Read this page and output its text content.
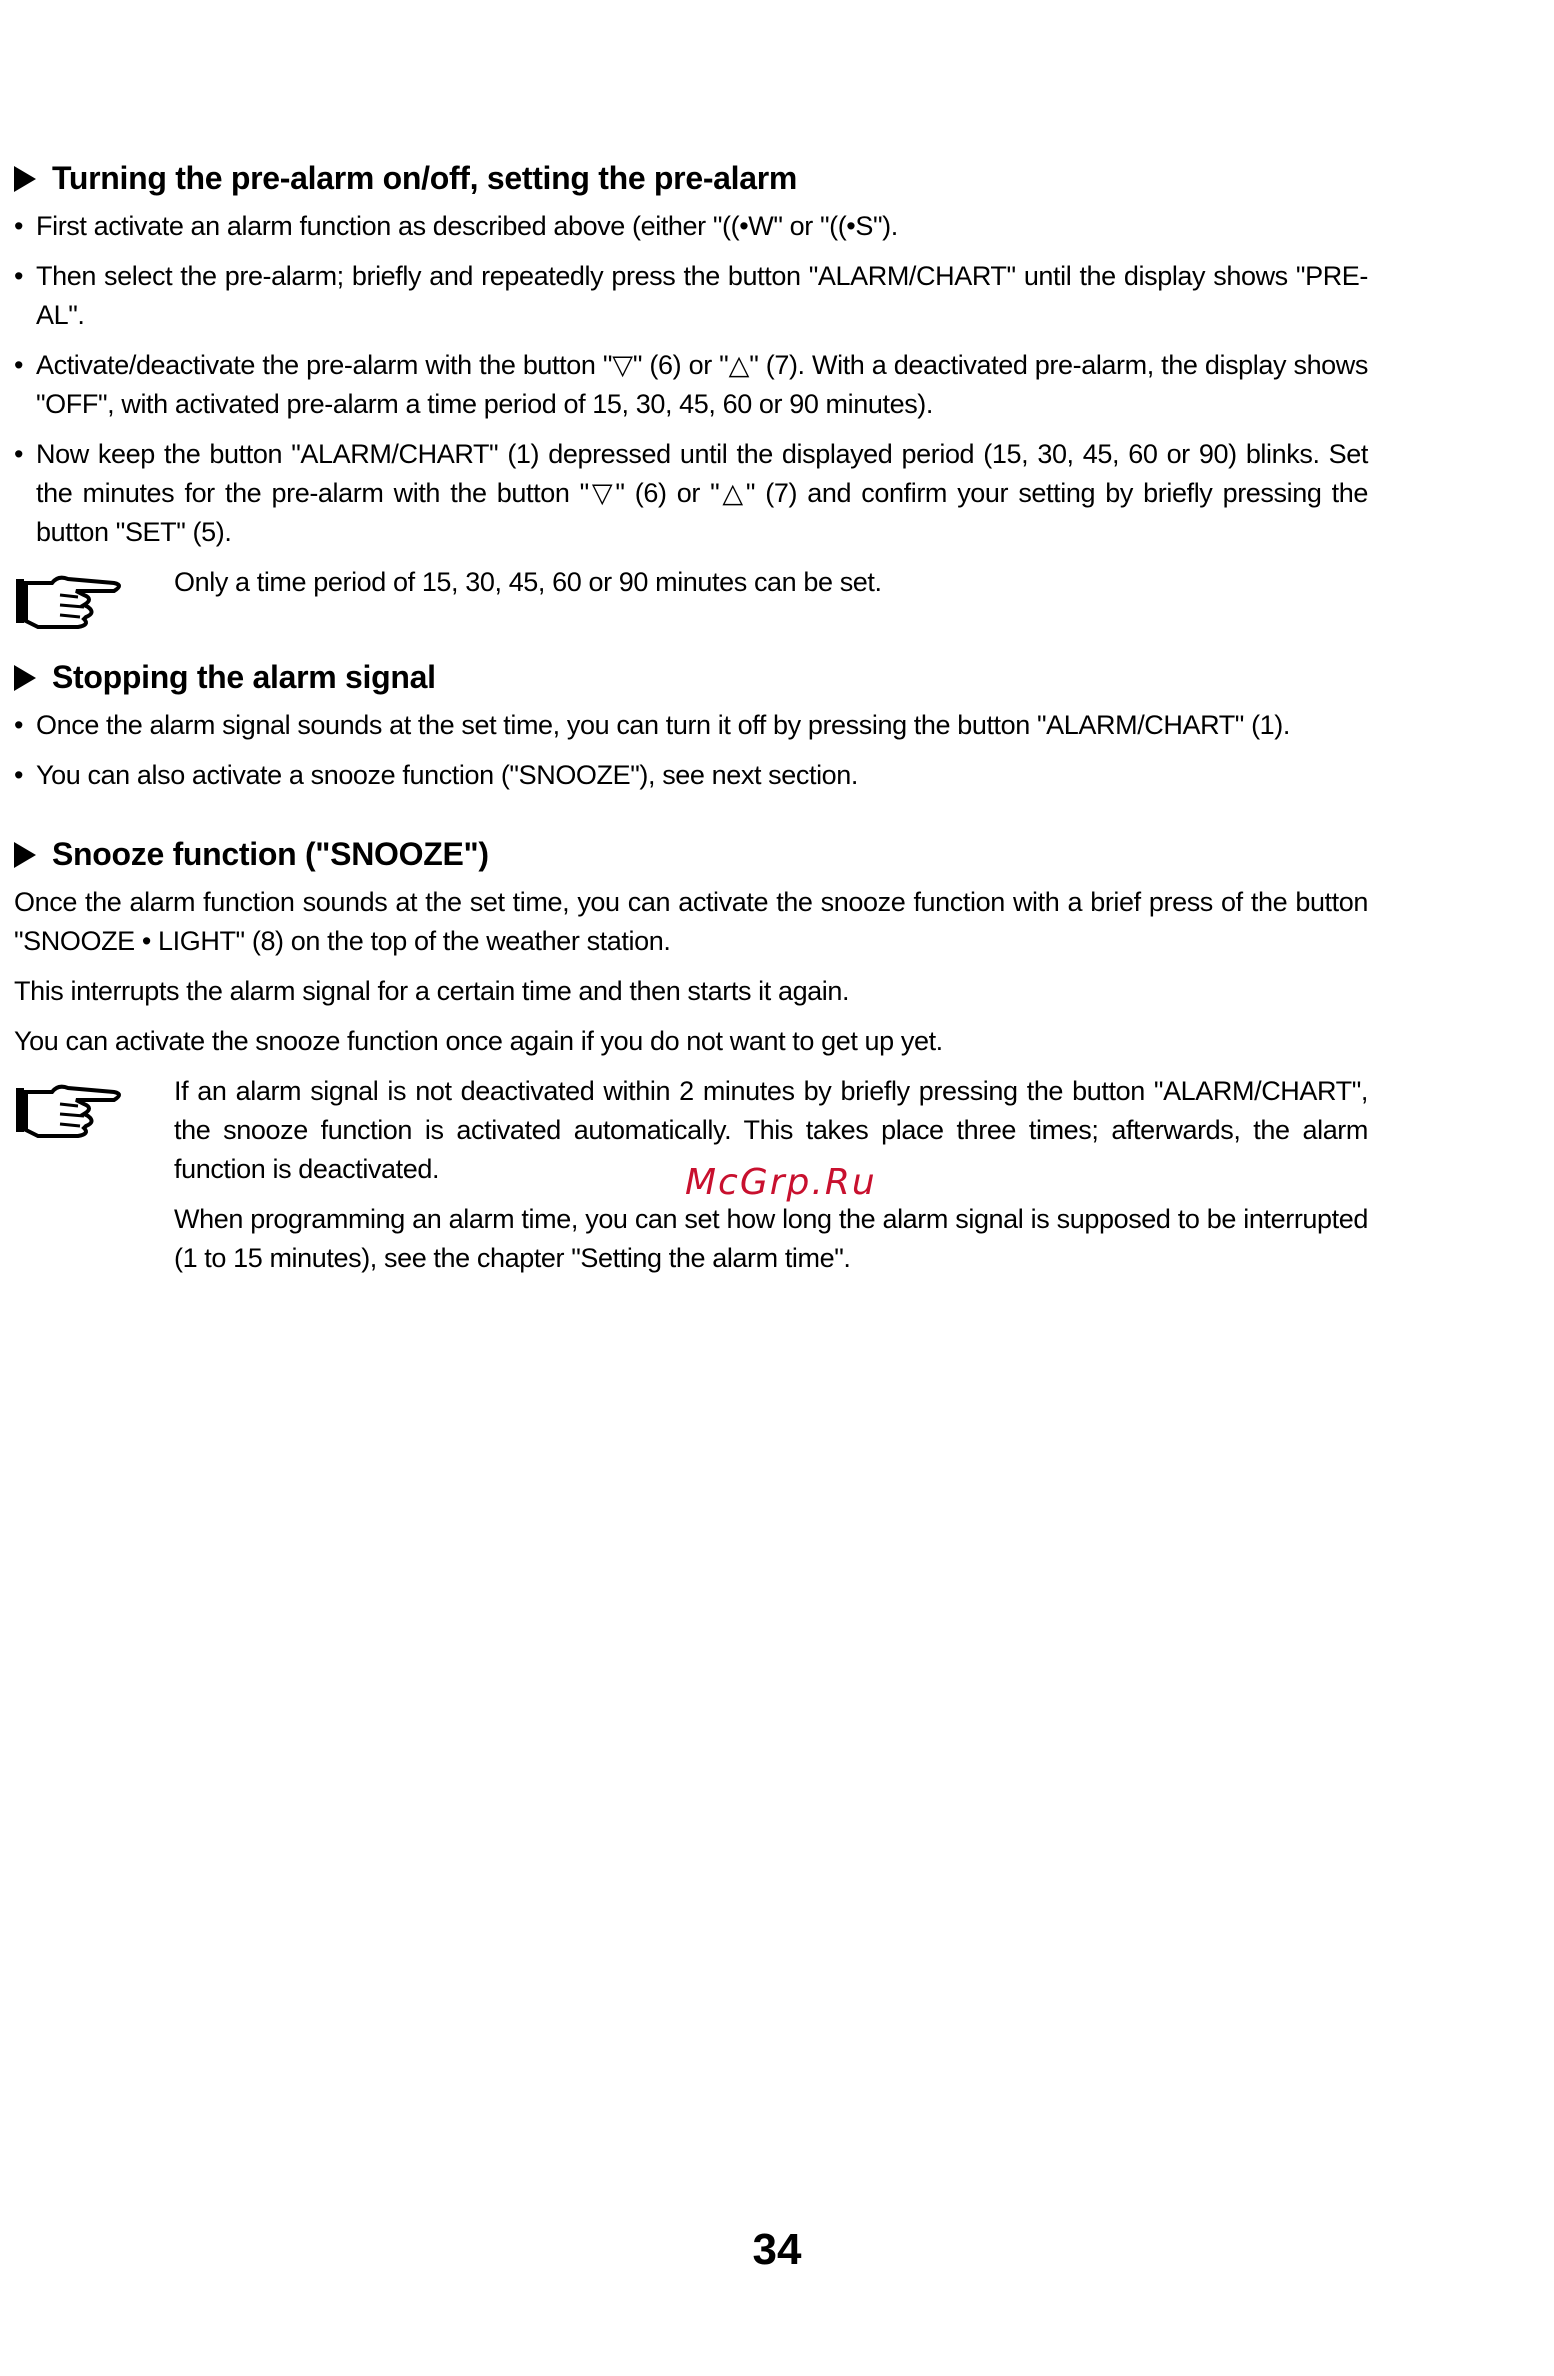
Turning the pre-alarm on/off, setting the pre-alarm
• First activate an alarm function as described above (either "((•W" or "((•S").
• Then select the pre-alarm; briefly and repeatedly press the button "ALARM/CHART" until the display shows "PRE-AL".
• Activate/deactivate the pre-alarm with the button "▽" (6) or "△" (7). With a deactivated pre-alarm, the display shows "OFF", with activated pre-alarm a time period of 15, 30, 45, 60 or 90 minutes).
• Now keep the button "ALARM/CHART" (1) depressed until the displayed period (15, 30, 45, 60 or 90) blinks. Set the minutes for the pre-alarm with the button "▽" (6) or "△" (7) and confirm your setting by briefly pressing the button "SET" (5).

Only a time period of 15, 30, 45, 60 or 90 minutes can be set.

Stopping the alarm signal
• Once the alarm signal sounds at the set time, you can turn it off by pressing the button "ALARM/CHART" (1).
• You can also activate a snooze function ("SNOOZE"), see next section.
Snooze function ("SNOOZE")

Once the alarm function sounds at the set time, you can activate the snooze function with a brief press of the button "SNOOZE • LIGHT" (8) on the top of the weather station.

This interrupts the alarm signal for a certain time and then starts it again.

You can activate the snooze function once again if you do not want to get up yet.

If an alarm signal is not deactivated within 2 minutes by briefly pressing the button "ALARM/CHART", the snooze function is activated automatically. This takes place three times; afterwards, the alarm function is deactivated.

When programming an alarm time, you can set how long the alarm signal is supposed to be interrupted (1 to 15 minutes), see the chapter "Setting the alarm time".

McGrp.Ru
34
